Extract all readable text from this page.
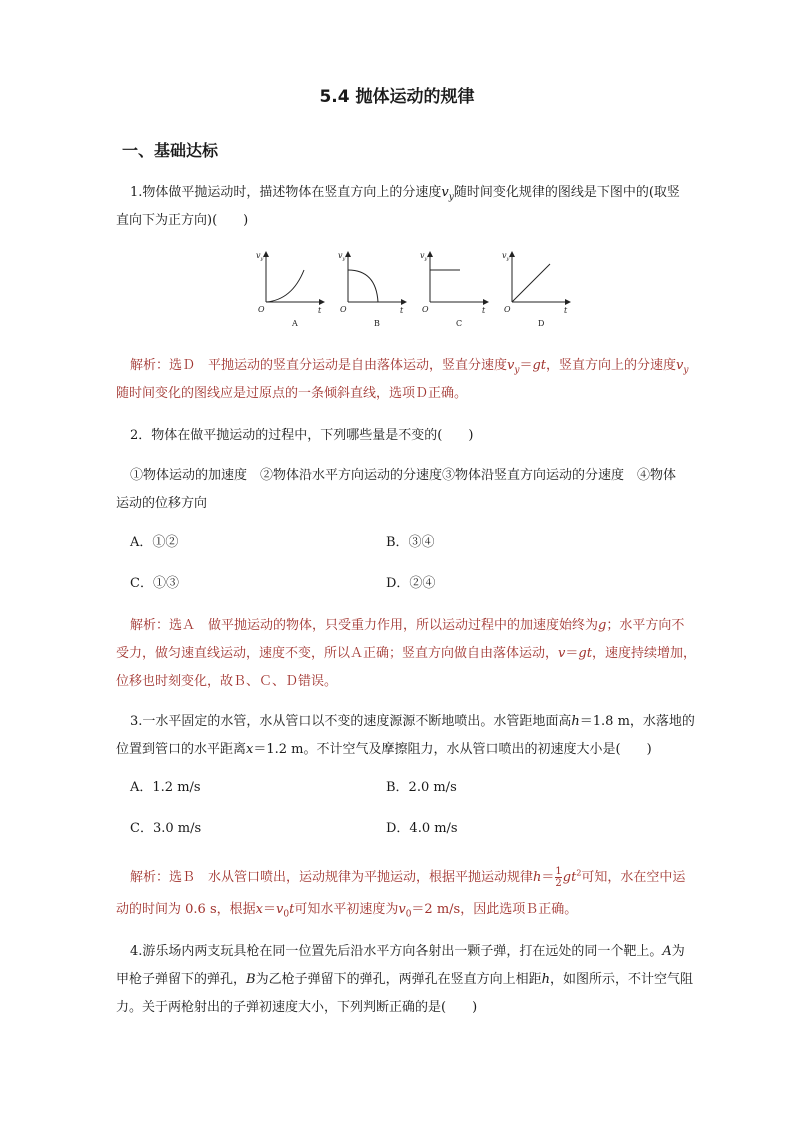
5.4 抛体运动的规律
一、基础达标
1.物体做平抛运动时，描述物体在竖直方向上的分速度$v_y$随时间变化规律的图线是下图中的(取竖
直向下为正方向)(　　)
$v_y$
O	t
A
$v_y$
O	t
B
$v_y$
O	t
C
$v_y$
O	t
D
解析：选Ｄ　平抛运动的竖直分运动是自由落体运动，竖直分速度$v_y=gt$，竖直方向上的分速度$v_y$
随时间变化的图线应是过原点的一条倾斜直线，选项Ｄ正确。
2．物体在做平抛运动的过程中，下列哪些量是不变的(　　)
①物体运动的加速度　②物体沿水平方向运动的分速度③物体沿竖直方向运动的分速度　④物体
运动的位移方向
A．①②	B．③④
C．①③	D．②④
解析：选Ａ　做平抛运动的物体，只受重力作用，所以运动过程中的加速度始终为g；水平方向不
受力，做匀速直线运动，速度不变，所以Ａ正确；竖直方向做自由落体运动，v＝gt，速度持续增加，
位移也时刻变化，故Ｂ、Ｃ、Ｄ错误。
3.一水平固定的水管，水从管口以不变的速度源源不断地喷出。水管距地面高h＝1.8 m，水落地的
位置到管口的水平距离x＝1.2 m。不计空气及摩擦阻力，水从管口喷出的初速度大小是(　　)
A．1.2 m/s	B．2.0 m/s
C．3.0 m/s	D．4.0 m/s
解析：选Ｂ　水从管口喷出，运动规律为平抛运动，根据平抛运动规律$h= \frac{1}{2} gt^2$可知，水在空中运
动的时间为 0.6 s，根据$x=v_0t$可知水平初速度为$v_0=2$ m/s，因此选项Ｂ正确。
4.游乐场内两支玩具枪在同一位置先后沿水平方向各射出一颗子弹，打在远处的同一个靶上。A为
甲枪子弹留下的弹孔，B为乙枪子弹留下的弹孔，两弹孔在竖直方向上相距h，如图所示，不计空气阻
力。关于两枪射出的子弹初速度大小，下列判断正确的是(　　)
